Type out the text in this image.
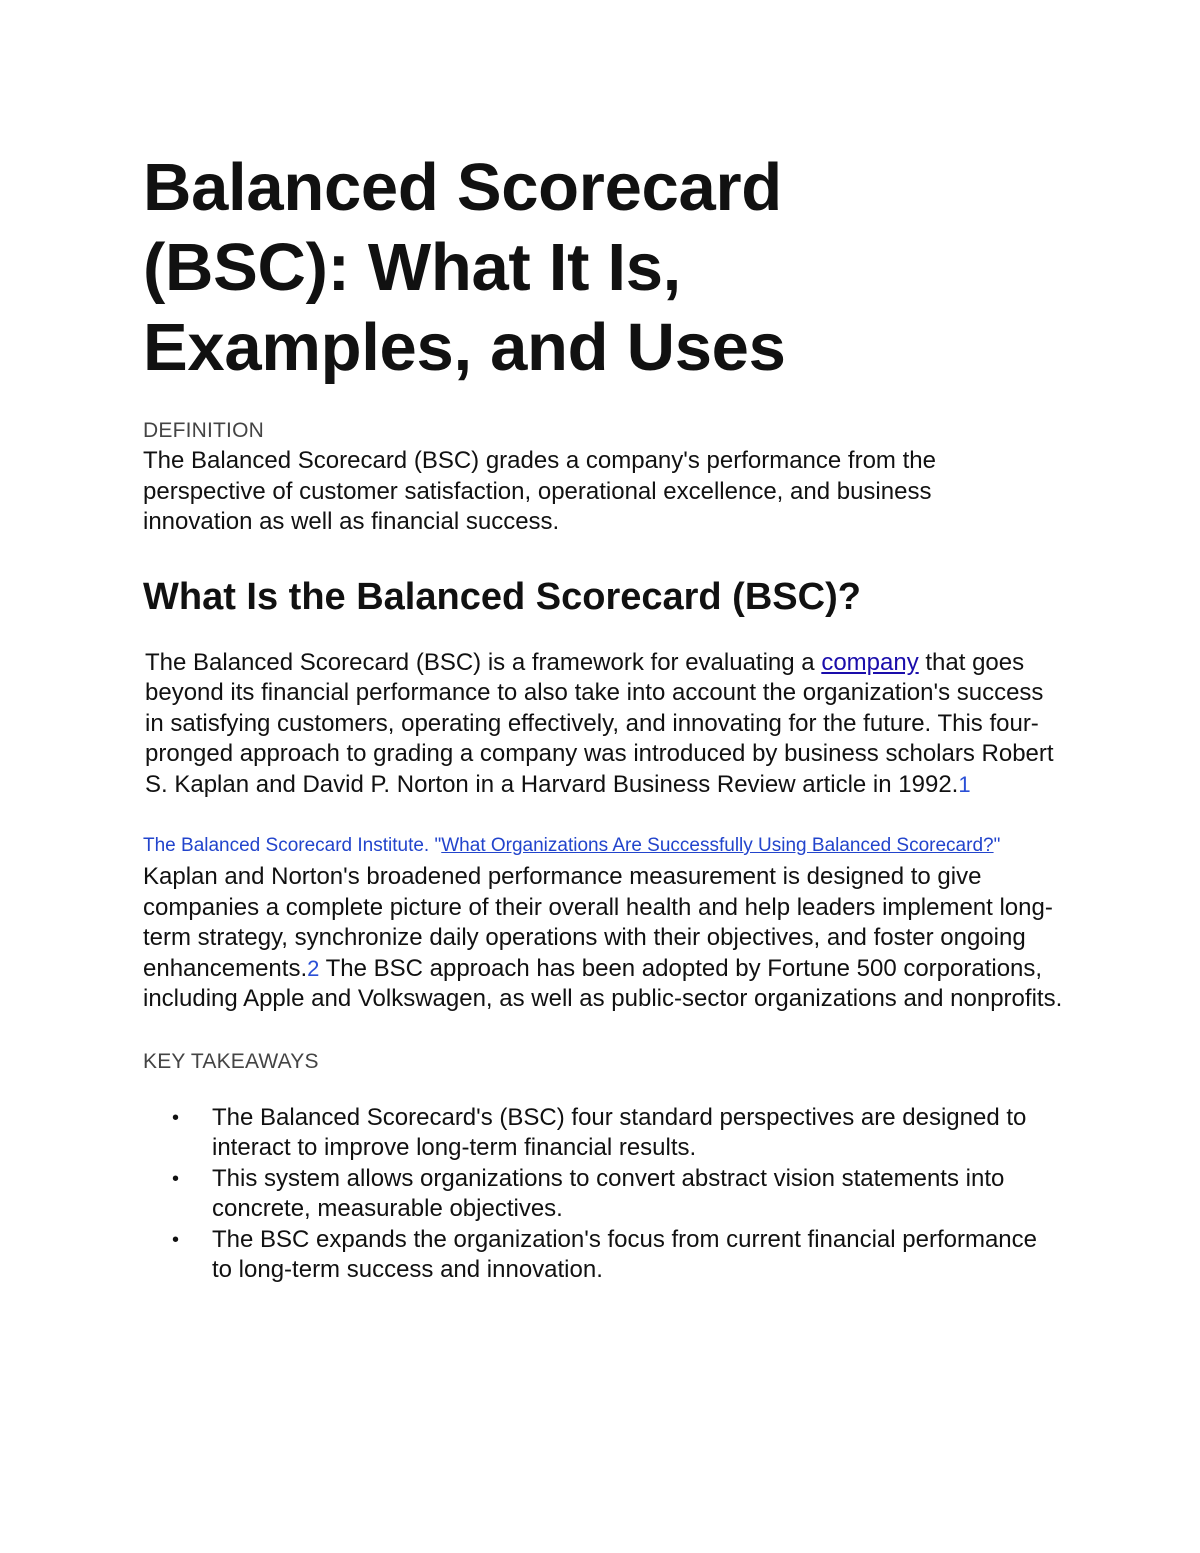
Balanced Scorecard
(BSC): What It Is,
Examples, and Uses
DEFINITION
The Balanced Scorecard (BSC) grades a company's performance from the perspective of customer satisfaction, operational excellence, and business innovation as well as financial success.
What Is the Balanced Scorecard (BSC)?
The Balanced Scorecard (BSC) is a framework for evaluating a company that goes beyond its financial performance to also take into account the organization's success in satisfying customers, operating effectively, and innovating for the future. This four-pronged approach to grading a company was introduced by business scholars Robert S. Kaplan and David P. Norton in a Harvard Business Review article in 1992.1
The Balanced Scorecard Institute. "What Organizations Are Successfully Using Balanced Scorecard?"
Kaplan and Norton's broadened performance measurement is designed to give companies a complete picture of their overall health and help leaders implement long-term strategy, synchronize daily operations with their objectives, and foster ongoing enhancements.2 The BSC approach has been adopted by Fortune 500 corporations, including Apple and Volkswagen, as well as public-sector organizations and nonprofits.
KEY TAKEAWAYS
• The Balanced Scorecard's (BSC) four standard perspectives are designed to interact to improve long-term financial results.
• This system allows organizations to convert abstract vision statements into concrete, measurable objectives.
• The BSC expands the organization's focus from current financial performance to long-term success and innovation.
